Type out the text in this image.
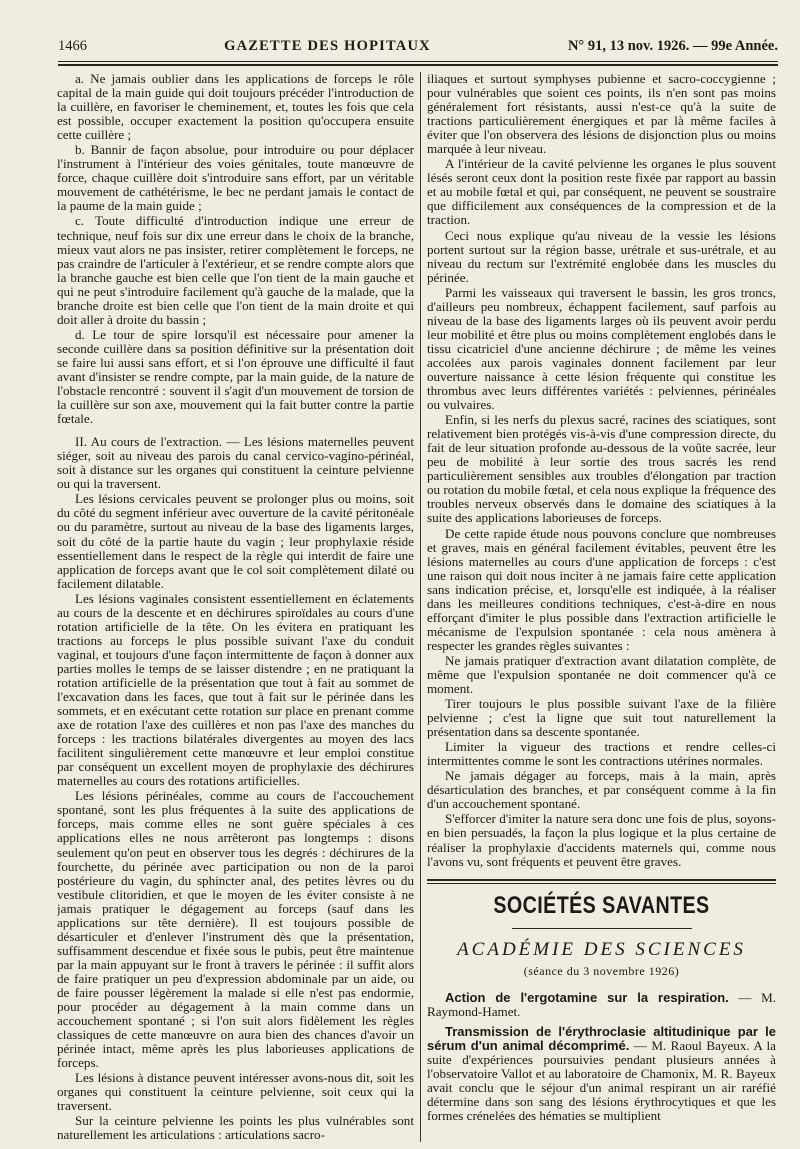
1466	GAZETTE DES HOPITAUX	N° 91, 13 nov. 1926. — 99e Année.

a. Ne jamais oublier dans les applications de forceps le rôle capital de la main guide qui doit toujours précéder l'introduction de la cuillère, en favoriser le cheminement, et, toutes les fois que cela est possible, occuper exactement la position qu'occupera ensuite cette cuillère ;

b. Bannir de façon absolue, pour introduire ou pour déplacer l'instrument à l'intérieur des voies génitales, toute manœuvre de force, chaque cuillère doit s'introduire sans effort, par un véritable mouvement de cathétérisme, le bec ne perdant jamais le contact de la paume de la main guide ;

c. Toute difficulté d'introduction indique une erreur de technique, neuf fois sur dix une erreur dans le choix de la branche, mieux vaut alors ne pas insister, retirer complètement le forceps, ne pas craindre de l'articuler à l'extérieur, et se rendre compte alors que la branche gauche est bien celle que l'on tient de la main gauche et qui ne peut s'introduire facilement qu'à gauche de la malade, que la branche droite est bien celle que l'on tient de la main droite et qui doit aller à droite du bassin ;

d. Le tour de spire lorsqu'il est nécessaire pour amener la seconde cuillère dans sa position définitive sur la présentation doit se faire lui aussi sans effort, et si l'on éprouve une difficulté il faut avant d'insister se rendre compte, par la main guide, de la nature de l'obstacle rencontré : souvent il s'agit d'un mouvement de torsion de la cuillère sur son axe, mouvement qui la fait butter contre la partie fœtale.

II. Au cours de l'extraction. — Les lésions maternelles peuvent siéger, soit au niveau des parois du canal cervico-vagino-périnéal, soit à distance sur les organes qui constituent la ceinture pelvienne ou qui la traversent.

Les lésions cervicales peuvent se prolonger plus ou moins, soit du côté du segment inférieur avec ouverture de la cavité péritonéale ou du paramètre, surtout au niveau de la base des ligaments larges, soit du côté de la partie haute du vagin ; leur prophylaxie réside essentiellement dans le respect de la règle qui interdit de faire une application de forceps avant que le col soit complètement dilaté ou facilement dilatable.

Les lésions vaginales consistent essentiellement en éclatements au cours de la descente et en déchirures spiroïdales au cours d'une rotation artificielle de la tête. On les évitera en pratiquant les tractions au forceps le plus possible suivant l'axe du conduit vaginal, et toujours d'une façon intermittente de façon à donner aux parties molles le temps de se laisser distendre ; en ne pratiquant la rotation artificielle de la présentation que tout à fait au sommet de l'excavation dans les faces, que tout à fait sur le périnée dans les sommets, et en exécutant cette rotation sur place en prenant comme axe de rotation l'axe des cuillères et non pas l'axe des manches du forceps : les tractions bilatérales divergentes au moyen des lacs facilitent singulièrement cette manœuvre et leur emploi constitue par conséquent un excellent moyen de prophylaxie des déchirures maternelles au cours des rotations artificielles.

Les lésions périnéales, comme au cours de l'accouchement spontané, sont les plus fréquentes à la suite des applications de forceps, mais comme elles ne sont guère spéciales à ces applications elles ne nous arrêteront pas longtemps : disons seulement qu'on peut en observer tous les degrés : déchirures de la fourchette, du périnée avec participation ou non de la paroi postérieure du vagin, du sphincter anal, des petites lèvres ou du vestibule clitoridien, et que le moyen de les éviter consiste à ne jamais pratiquer le dégagement au forceps (sauf dans les applications sur tête dernière). Il est toujours possible de désarticuler et d'enlever l'instrument dès que la présentation, suffisamment descendue et fixée sous le pubis, peut être maintenue par la main appuyant sur le front à travers le périnée : il suffit alors de faire pratiquer un peu d'expression abdominale par un aide, ou de faire pousser légèrement la malade si elle n'est pas endormie, pour procéder au dégagement à la main comme dans un accouchement spontané ; si l'on suit alors fidèlement les règles classiques de cette manœuvre on aura bien des chances d'avoir un périnée intact, même après les plus laborieuses applications de forceps.

Les lésions à distance peuvent intéresser avons-nous dit, soit les organes qui constituent la ceinture pelvienne, soit ceux qui la traversent.

Sur la ceinture pelvienne les points les plus vulnérables sont naturellement les articulations : articulations sacro-

iliaques et surtout symphyses pubienne et sacro-coccygienne ; pour vulnérables que soient ces points, ils n'en sont pas moins généralement fort résistants, aussi n'est-ce qu'à la suite de tractions particulièrement énergiques et par là même faciles à éviter que l'on observera des lésions de disjonction plus ou moins marquée à leur niveau.

A l'intérieur de la cavité pelvienne les organes le plus souvent lésés seront ceux dont la position reste fixée par rapport au bassin et au mobile fœtal et qui, par conséquent, ne peuvent se soustraire que difficilement aux conséquences de la compression et de la traction.

Ceci nous explique qu'au niveau de la vessie les lésions portent surtout sur la région basse, urétrale et sus-urétrale, et au niveau du rectum sur l'extrémité englobée dans les muscles du périnée.

Parmi les vaisseaux qui traversent le bassin, les gros troncs, d'ailleurs peu nombreux, échappent facilement, sauf parfois au niveau de la base des ligaments larges où ils peuvent avoir perdu leur mobilité et être plus ou moins complètement englobés dans le tissu cicatriciel d'une ancienne déchirure ; de même les veines accolées aux parois vaginales donnent facilement par leur ouverture naissance à cette lésion fréquente qui constitue les thrombus avec leurs différentes variétés : pelviennes, périnéales ou vulvaires.

Enfin, si les nerfs du plexus sacré, racines des sciatiques, sont relativement bien protégés vis-à-vis d'une compression directe, du fait de leur situation profonde au-dessous de la voûte sacrée, leur peu de mobilité à leur sortie des trous sacrés les rend particulièrement sensibles aux troubles d'élongation par traction ou rotation du mobile fœtal, et cela nous explique la fréquence des troubles nerveux observés dans le domaine des sciatiques à la suite des applications laborieuses de forceps.

De cette rapide étude nous pouvons conclure que nombreuses et graves, mais en général facilement évitables, peuvent être les lésions maternelles au cours d'une application de forceps : c'est une raison qui doit nous inciter à ne jamais faire cette application sans indication précise, et, lorsqu'elle est indiquée, à la réaliser dans les meilleures conditions techniques, c'est-à-dire en nous efforçant d'imiter le plus possible dans l'extraction artificielle le mécanisme de l'expulsion spontanée : cela nous amènera à respecter les grandes règles suivantes :

Ne jamais pratiquer d'extraction avant dilatation complète, de même que l'expulsion spontanée ne doit commencer qu'à ce moment.

Tirer toujours le plus possible suivant l'axe de la filière pelvienne ; c'est la ligne que suit tout naturellement la présentation dans sa descente spontanée.

Limiter la vigueur des tractions et rendre celles-ci intermittentes comme le sont les contractions utérines normales.

Ne jamais dégager au forceps, mais à la main, après désarticulation des branches, et par conséquent comme à la fin d'un accouchement spontané.

S'efforcer d'imiter la nature sera donc une fois de plus, soyons-en bien persuadés, la façon la plus logique et la plus certaine de réaliser la prophylaxie d'accidents maternels qui, comme nous l'avons vu, sont fréquents et peuvent être graves.

SOCIÉTÉS SAVANTES
ACADÉMIE DES SCIENCES
(séance du 3 novembre 1926)

Action de l'ergotamine sur la respiration. — M. Raymond-Hamet.

Transmission de l'érythroclasie altitudinique par le sérum d'un animal décomprimé. — M. Raoul Bayeux. A la suite d'expériences poursuivies pendant plusieurs années à l'observatoire Vallot et au laboratoire de Chamonix, M. R. Bayeux avait conclu que le séjour d'un animal respirant un air raréfié détermine dans son sang des lésions érythrocytiques et que les formes crénelées des hématies se multiplient
